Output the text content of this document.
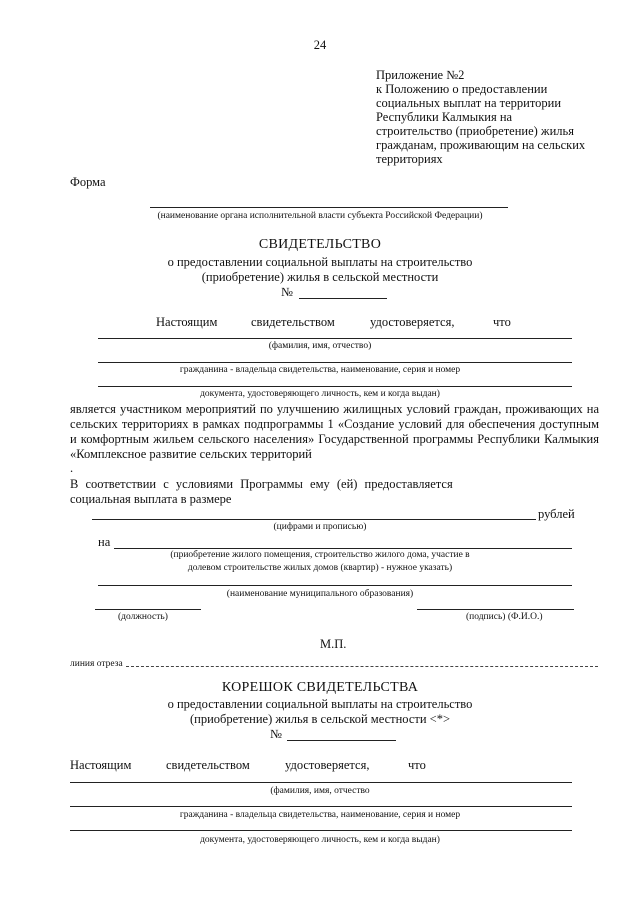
24
Приложение №2
к Положению о предоставлении
социальных выплат на территории
Республики Калмыкия на
строительство (приобретение) жилья
гражданам, проживающим на сельских
территориях
Форма
(наименование органа исполнительной власти субъекта Российской Федерации)
СВИДЕТЕЛЬСТВО
о предоставлении социальной выплаты на строительство
(приобретение) жилья в сельской местности
№
Настоящим	свидетельством	удостоверяется,	что
(фамилия, имя, отчество)
гражданина - владельца свидетельства, наименование, серия и номер
документа, удостоверяющего личность, кем и когда выдан)
является участником мероприятий по улучшению жилищных условий граждан, проживающих на сельских территориях в рамках подпрограммы 1 «Создание условий для обеспечения доступным и комфортным жильем сельского населения» Государственной программы Республики Калмыкия «Комплексное развитие сельских территорий
.
В соответствии с условиями Программы ему (ей) предоставляется
социальная выплата в размере
рублей
(цифрами и прописью)
на
(приобретение жилого помещения, строительство жилого дома, участие в
долевом строительстве жилых домов (квартир) - нужное указать)
(наименование муниципального образования)
(должность)	(подпись) (Ф.И.О.)
М.П.
линия отреза
КОРЕШОК СВИДЕТЕЛЬСТВА
о предоставлении социальной выплаты на строительство
(приобретение) жилья в сельской местности <*>
№
Настоящим	свидетельством	удостоверяется,	что
(фамилия, имя, отчество
гражданина - владельца свидетельства, наименование, серия и номер
документа, удостоверяющего личность, кем и когда выдан)
